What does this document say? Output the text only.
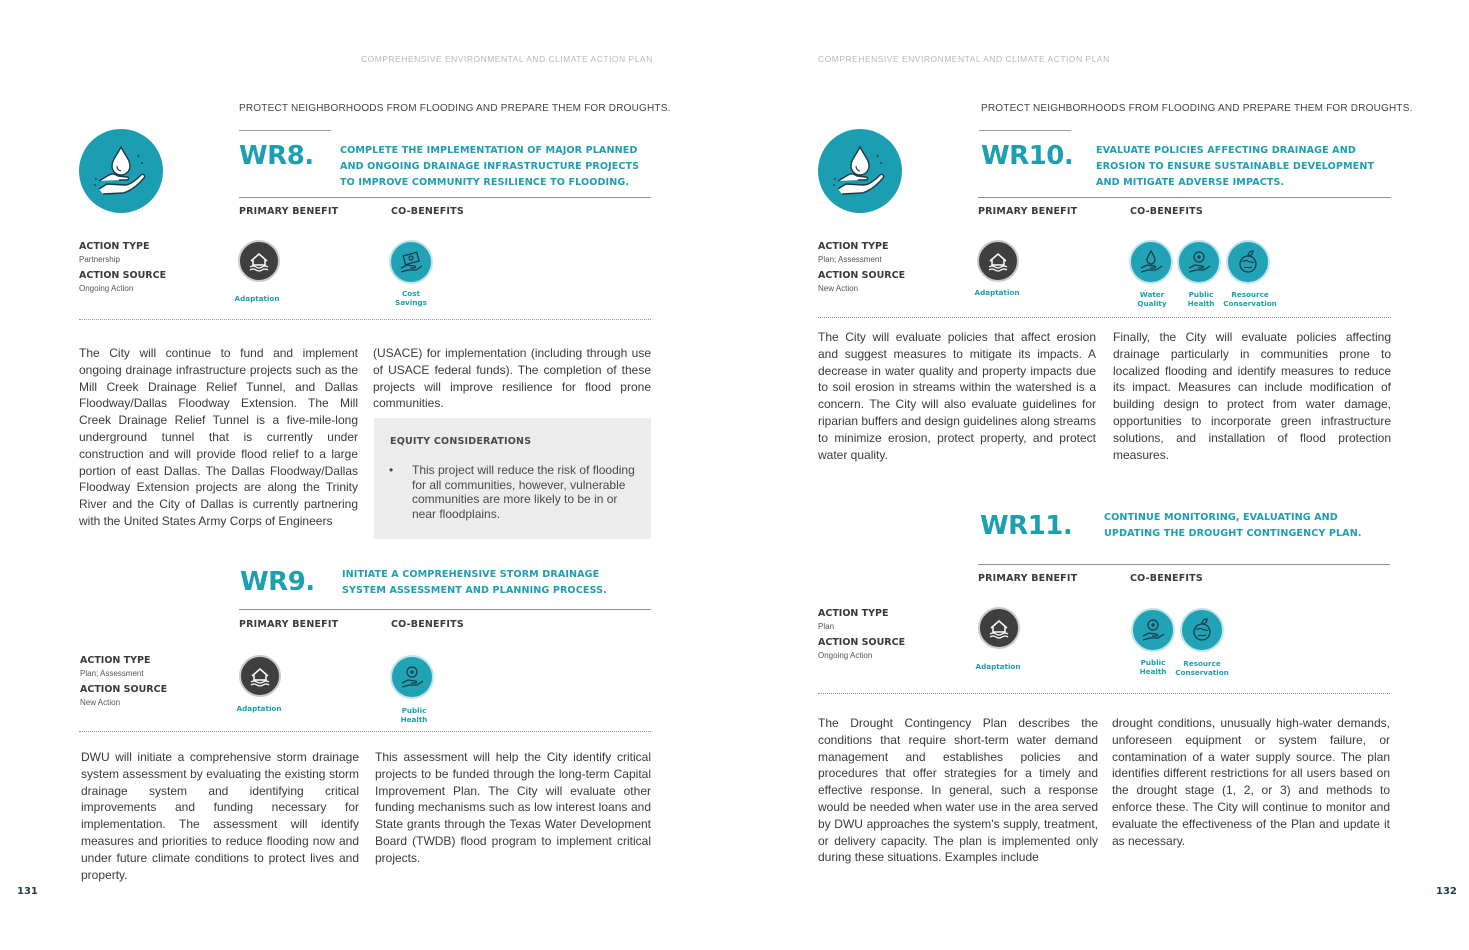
COMPREHENSIVE ENVIRONMENTAL AND CLIMATE ACTION PLAN
PROTECT NEIGHBORHOODS FROM FLOODING AND PREPARE THEM FOR DROUGHTS.
WR8.	COMPLETE THE IMPLEMENTATION OF MAJOR PLANNED AND ONGOING DRAINAGE INFRASTRUCTURE PROJECTS TO IMPROVE COMMUNITY RESILIENCE TO FLOODING.
PRIMARY BENEFIT	CO-BENEFITS
ACTION TYPE
Partnership
ACTION SOURCE
Ongoing Action
Adaptation
Cost
Savings

The City will continue to fund and implement ongoing drainage infrastructure projects such as the Mill Creek Drainage Relief Tunnel, and Dallas Floodway/Dallas Floodway Extension. The Mill Creek Drainage Relief Tunnel is a five-mile-long underground tunnel that is currently under construction and will provide flood relief to a large portion of east Dallas. The Dallas Floodway/Dallas Floodway Extension projects are along the Trinity River and the City of Dallas is currently partnering with the United States Army Corps of Engineers

(USACE) for implementation (including through use of USACE federal funds). The completion of these projects will improve resilience for flood prone communities.

EQUITY CONSIDERATIONS
• This project will reduce the risk of flooding for all communities, however, vulnerable communities are more likely to be in or near floodplains.
WR9.	INITIATE A COMPREHENSIVE STORM DRAINAGE SYSTEM ASSESSMENT AND PLANNING PROCESS.
PRIMARY BENEFIT	CO-BENEFITS
ACTION TYPE
Plan; Assessment
ACTION SOURCE
New Action
Adaptation	Public
Health

DWU will initiate a comprehensive storm drainage system assessment by evaluating the existing storm drainage system and identifying critical improvements and funding necessary for implementation. The assessment will identify measures and priorities to reduce flooding now and under future climate conditions to protect lives and property.

This assessment will help the City identify critical projects to be funded through the long-term Capital Improvement Plan. The City will evaluate other funding mechanisms such as low interest loans and State grants through the Texas Water Development Board (TWDB) flood program to implement critical projects.

131
COMPREHENSIVE ENVIRONMENTAL AND CLIMATE ACTION PLAN
PROTECT NEIGHBORHOODS FROM FLOODING AND PREPARE THEM FOR DROUGHTS.
WR10. EVALUATE POLICIES AFFECTING DRAINAGE AND EROSION TO ENSURE SUSTAINABLE DEVELOPMENT AND MITIGATE ADVERSE IMPACTS.
PRIMARY BENEFIT	CO-BENEFITS
ACTION TYPE
Plan; Assessment
ACTION SOURCE
New Action	Adaptation	Water
Quality
Public
Health
Resource
Conservation

The City will evaluate policies that affect erosion and suggest measures to mitigate its impacts. A decrease in water quality and property impacts due to soil erosion in streams within the watershed is a concern. The City will also evaluate guidelines for riparian buffers and design guidelines along streams to minimize erosion, protect property, and protect water quality.

Finally, the City will evaluate policies affecting drainage particularly in communities prone to localized flooding and identify measures to reduce its impact. Measures can include modification of building design to protect from water damage, opportunities to incorporate green infrastructure solutions, and installation of flood protection measures.

WR11.	CONTINUE MONITORING, EVALUATING AND UPDATING THE DROUGHT CONTINGENCY PLAN.
PRIMARY BENEFIT	CO-BENEFITS
ACTION TYPE
Plan
ACTION SOURCE
Ongoing Action
Adaptation	Public
Health
Resource
Conservation

The Drought Contingency Plan describes the conditions that require short-term water demand management and establishes policies and procedures that offer strategies for a timely and effective response. In general, such a response would be needed when water use in the area served by DWU approaches the system's supply, treatment, or delivery capacity. The plan is implemented only during these situations. Examples include

drought conditions, unusually high-water demands, unforeseen equipment or system failure, or contamination of a water supply source. The plan identifies different restrictions for all users based on the drought stage (1, 2, or 3) and methods to enforce these. The City will continue to monitor and evaluate the effectiveness of the Plan and update it as necessary.

132
